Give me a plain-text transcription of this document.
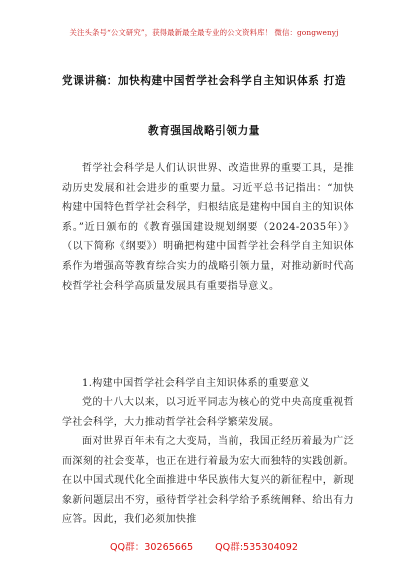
关注头条号“公文研究”，获得最新最全最专业的公文资料库！ 微信：gongwenyj
党课讲稿：加快构建中国哲学社会科学自主知识体系 打造
教育强国战略引领力量
哲学社会科学是人们认识世界、改造世界的重要工具，是推动历史发展和社会进步的重要力量。习近平总书记指出：“加快构建中国特色哲学社会科学，归根结底是建构中国自主的知识体系。”近日颁布的《教育强国建设规划纲要（2024-2035年）》（以下简称《纲要》）明确把构建中国哲学社会科学自主知识体系作为增强高等教育综合实力的战略引领力量，对推动新时代高校哲学社会科学高质量发展具有重要指导意义。
1.构建中国哲学社会科学自主知识体系的重要意义
党的十八大以来，以习近平同志为核心的党中央高度重视哲学社会科学，大力推动哲学社会科学繁荣发展。
面对世界百年未有之大变局，当前，我国正经历着最为广泛而深刻的社会变革，也正在进行着最为宏大而独特的实践创新。在以中国式现代化全面推进中华民族伟大复兴的新征程中，新现象新问题层出不穷，亟待哲学社会科学给予系统阐释、给出有力应答。因此，我们必须加快推
QQ群：30265665 QQ群:535304092
